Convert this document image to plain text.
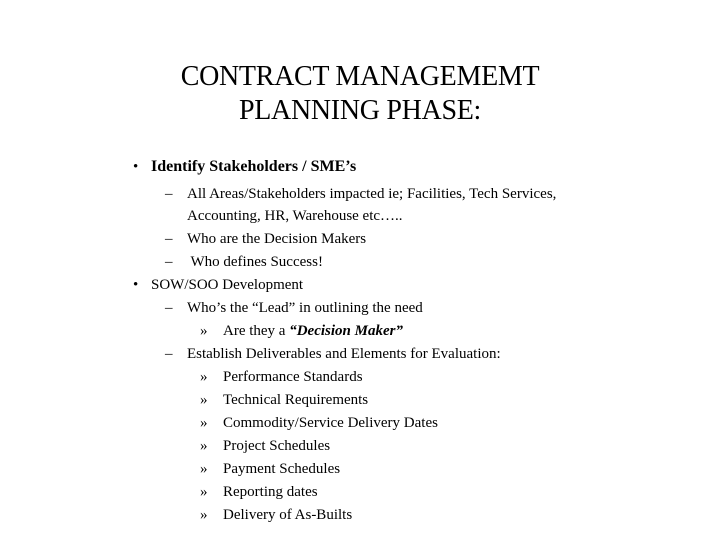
CONTRACT MANAGEMEMT
PLANNING PHASE:
• Identify Stakeholders / SME’s
– All Areas/Stakeholders impacted ie; Facilities, Tech Services,
Accounting, HR, Warehouse etc…..
– Who are the Decision Makers
– Who defines Success!
• SOW/SOO Development
– Who’s the “Lead” in outlining the need
» Are they a “Decision Maker”
– Establish Deliverables and Elements for Evaluation:
» Performance Standards
» Technical Requirements
» Commodity/Service Delivery Dates
» Project Schedules
» Payment Schedules
» Reporting dates
» Delivery of As-Builts
